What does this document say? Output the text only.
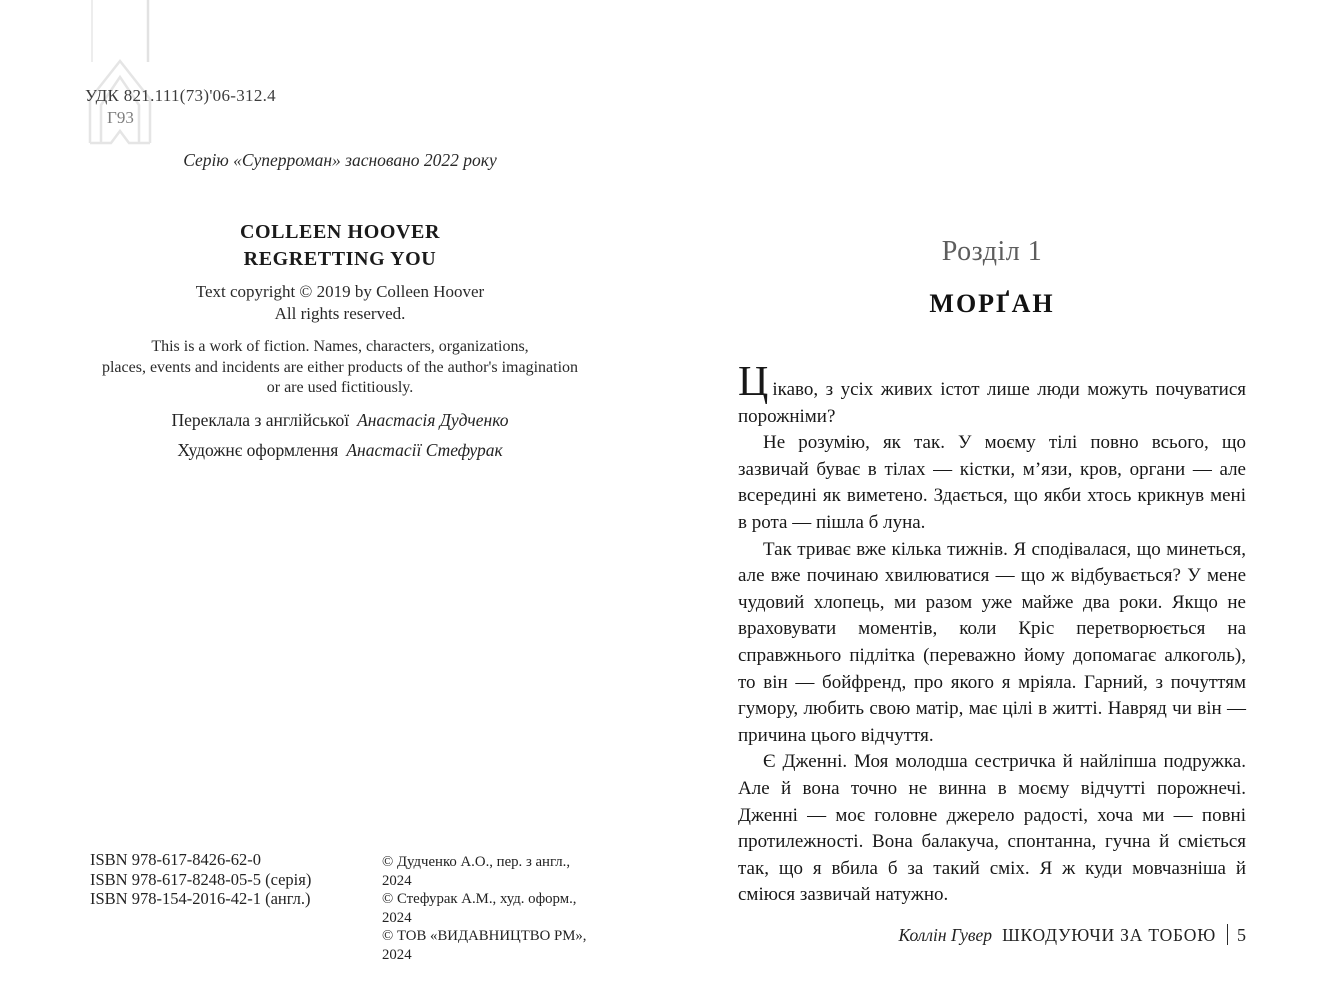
УДК 821.111(73)'06-312.4
Г93
Серію «Суперроман» засновано 2022 року
COLLEEN HOOVER
REGRETTING YOU
Text copyright © 2019 by Colleen Hoover
All rights reserved.
This is a work of fiction. Names, characters, organizations,
places, events and incidents are either products of the author's imagination
or are used fictitiously.
Переклала з англійської Анастасія Дудченко
Художнє оформлення Анастасії Стефурак
ISBN 978-617-8426-62-0
ISBN 978-617-8248-05-5 (серія)
ISBN 978-154-2016-42-1 (англ.)
© Дудченко А.О., пер. з англ., 2024
© Стефурак А.М., худ. оформ., 2024
© ТОВ «ВИДАВНИЦТВО РМ», 2024
Розділ 1
МОРҐАН

Цікаво, з усіх живих істот лише люди можуть почуватися порожніми?

Не розумію, як так. У моєму тілі повно всього, що зазвичай буває в тілах — кістки, м’язи, кров, органи — але всередині як виметено. Здається, що якби хтось крикнув мені в рота — пішла б луна.

Так триває вже кілька тижнів. Я сподівалася, що минеться, але вже починаю хвилюватися — що ж відбувається? У мене чудовий хлопець, ми разом уже майже два роки. Якщо не враховувати моментів, коли Кріс перетворюється на справжнього підлітка (переважно йому допомагає алкоголь), то він — бойфренд, про якого я мріяла. Гарний, з почуттям гумору, любить свою матір, має цілі в житті. Навряд чи він — причина цього відчуття.

Є Дженні. Моя молодша сестричка й найліпша подружка. Але й вона точно не винна в моєму відчутті порожнечі. Дженні — моє головне джерело радості, хоча ми — повні протилежності. Вона балакуча, спонтанна, гучна й сміється так, що я вбила б за такий сміх. Я ж куди мовчазніша й сміюся зазвичай натужно.

Коллін Гувер ШКОДУЮЧИ ЗА ТОБОЮ 5
